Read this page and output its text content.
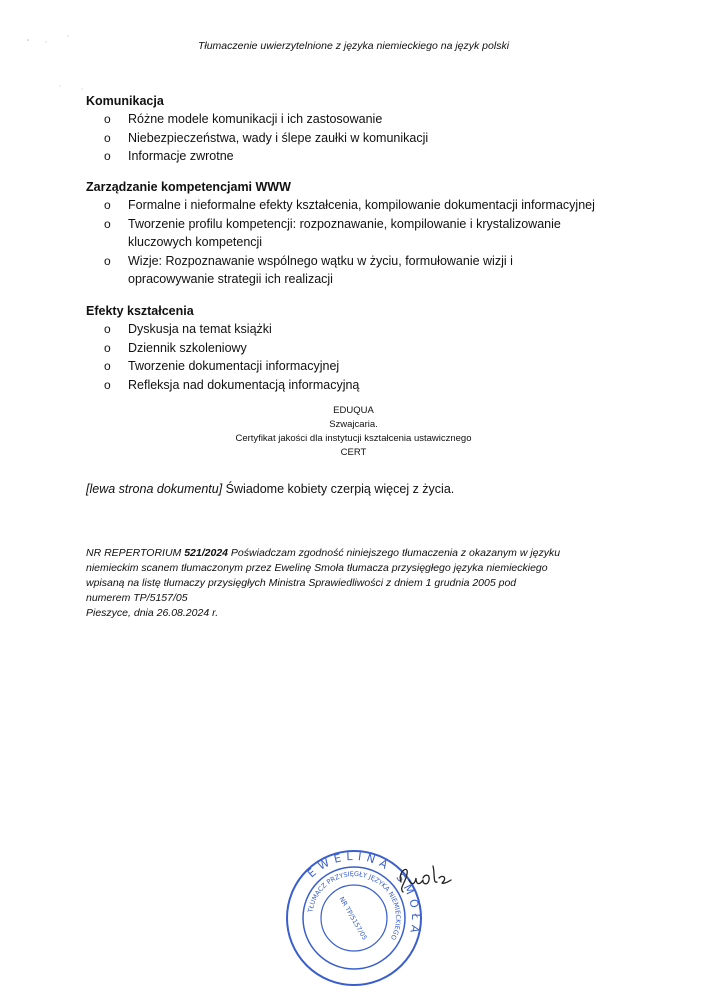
Tłumaczenie uwierzytelnione z języka niemieckiego na język polski
Komunikacja
o Różne modele komunikacji i ich zastosowanie
o Niebezpieczeństwa, wady i ślepe zaułki w komunikacji
o Informacje zwrotne
Zarządzanie kompetencjami WWW
o Formalne i nieformalne efekty kształcenia, kompilowanie dokumentacji informacyjnej
o Tworzenie profilu kompetencji: rozpoznawanie, kompilowanie i krystalizowanie
kluczowych kompetencji
o Wizje: Rozpoznawanie wspólnego wątku w życiu, formułowanie wizji i
opracowywanie strategii ich realizacji
Efekty kształcenia
o Dyskusja na temat książki
o Dziennik szkoleniowy
o Tworzenie dokumentacji informacyjnej
o Refleksja nad dokumentacją informacyjną
EDUQUA
Szwajcaria.
Certyfikat jakości dla instytucji kształcenia ustawicznego
CERT
[lewa strona dokumentu] Świadome kobiety czerpią więcej z życia.
NR REPERTORIUM 521/2024 Poświadczam zgodność niniejszego tłumaczenia z okazanym w języku
niemieckim scanem tłumaczonym przez Ewelinę Smoła tłumacza przysięgłego języka niemieckiego
wpisaną na listę tłumaczy przysięgłych Ministra Sprawiedliwości z dniem 1 grudnia 2005 pod
numerem TP/5157/05
Pieszyce, dnia 26.08.2024 r.
EWELINA SMOŁA
TŁUMACZ PRZYSIĘGŁY JĘZYKA NIEMIECKIEGO
NR TP/5157/05
